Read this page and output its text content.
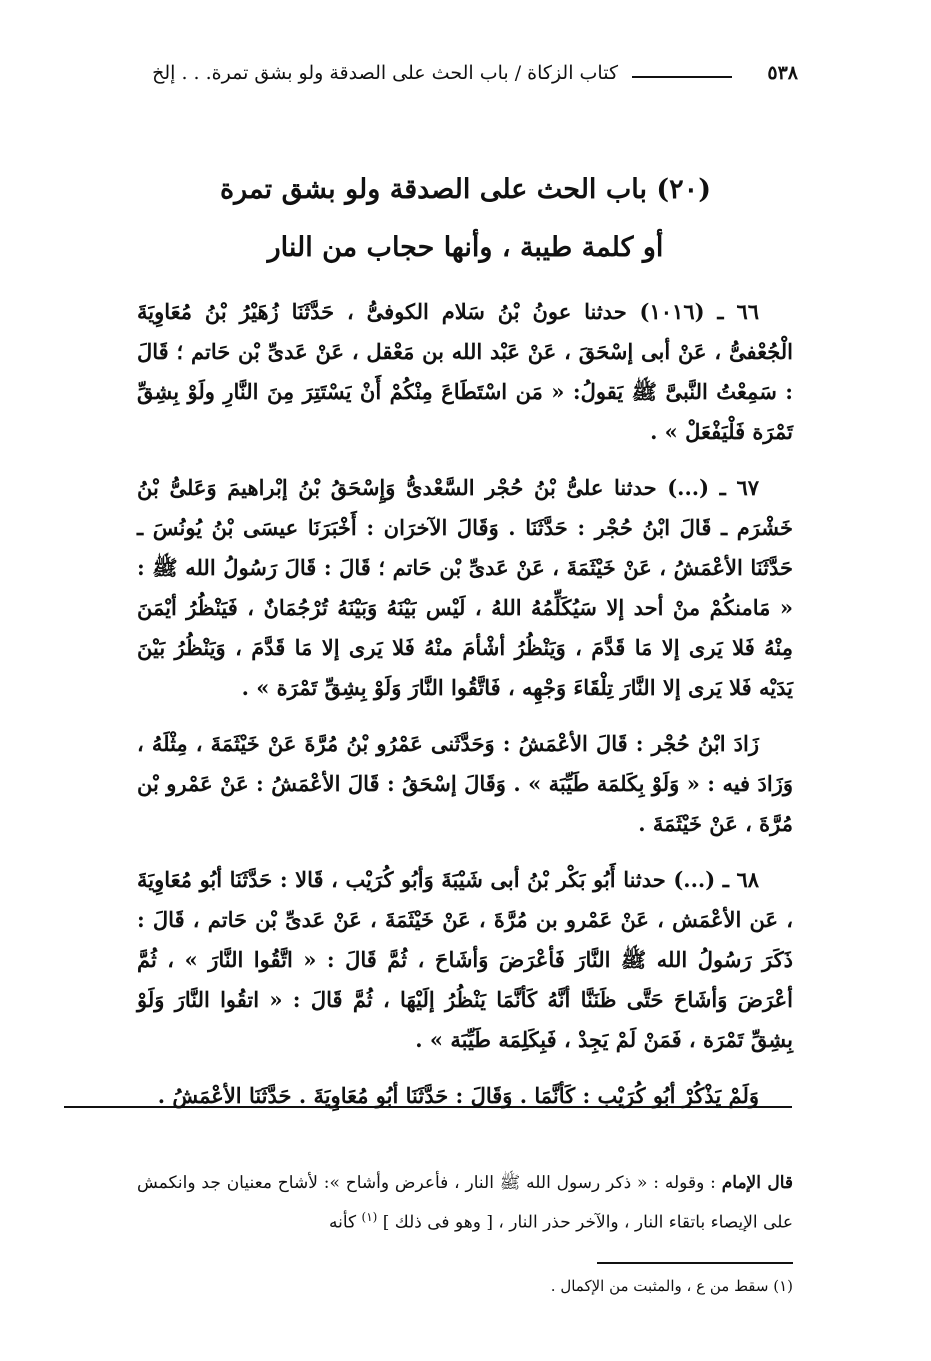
٥٣٨
كتاب الزكاة / باب الحث على الصدقة ولو بشق تمرة. . . إلخ
(٢٠) باب الحث على الصدقة ولو بشق تمرة
أو كلمة طيبة ، وأنها حجاب من النار

٦٦ ـ (١٠١٦) حدثنا عونُ بْنُ سَلام الكوفىُّ ، حَدَّثَنَا زُهَيْرُ بْنُ مُعَاوِيَةَ الْجُعْفىُّ ، عَنْ أبى إسْحَقَ ، عَنْ عَبْد الله بن مَعْقل ، عَنْ عَدىِّ بْن حَاتم ؛ قَالَ : سَمِعْتُ النَّبىَّ ﷺ يَقولُ: « مَن اسْتَطَاعَ مِنْكُمْ أَنْ يَسْتَتِرَ مِنَ النَّارِ ولَوْ بِشِقِّ تَمْرَة فَلْيَفْعَلْ » .

٦٧ ـ (...) حدثنا علىُّ بْنُ حُجْر السَّعْدىُّ وَإِسْحَقُ بْنُ إبْراهيمَ وَعَلىُّ بْنُ خَشْرَم ـ قَالَ ابْنُ حُجْر : حَدَّثَنَا . وَقَالَ الآخرَان : أَخْبَرَنَا عيسَى بْنُ يُونُسَ ـ حَدَّثَنَا الأعْمَشُ ، عَنْ خَيْثَمَةَ ، عَنْ عَدىِّ بْن حَاتم ؛ قَالَ : قَالَ رَسُولُ الله ﷺ : « مَامنكُمْ منْ أحد إلا سَيُكَلِّمُهُ اللهُ ، لَيْس بَيْنَهُ وَبَيْنَهُ تُرْجُمَانٌ ، فَيَنْظُرُ أيْمَنَ مِنْهُ فَلا يَرى إلا مَا قَدَّمَ ، وَيَنْظُرُ أشْأمَ منْهُ فَلا يَرى إلا مَا قَدَّمَ ، وَيَنْظُرُ بَيْنَ يَدَيْه فَلا يَرى إلا النَّارَ تِلْقَاءَ وَجْهِه ، فَاتَّقُوا النَّارَ وَلَوْ بِشِقِّ تَمْرَة » .

زَادَ ابْنُ حُجْر : قَالَ الأعْمَشُ : وَحَدَّثَنى عَمْرُو بْنُ مُرَّةَ عَنْ خَيْثَمَةَ ، مِثْلَهُ ، وَزَادَ فيه : « وَلَوْ بِكَلمَة طَيِّبَة » . وَقَالَ إسْحَقُ : قَالَ الأعْمَشُ : عَنْ عَمْرو بْن مُرَّةَ ، عَنْ خَيْثَمَةَ .

٦٨ ـ (...) حدثنا أَبُو بَكْر بْنُ أبى شَيْبَةَ وَأبُو كُرَيْب ، قَالا : حَدَّثَنَا أبُو مُعَاوِيَةَ ، عَن الأعْمَش ، عَنْ عَمْرو بن مُرَّةَ ، عَنْ خَيْثَمَةَ ، عَنْ عَدىِّ بْن حَاتم ، قَالَ : ذَكَرَ رَسُولُ الله ﷺ النَّارَ فَأعْرَضَ وَأشَاحَ ، ثُمَّ قَالَ : « اتَّقُوا النَّارَ » ، ثُمَّ أعْرَضَ وَأشَاحَ حَتَّى ظَنَنَّا أنَّهُ كَأنَّمَا يَنْظُرُ إلَيْهَا ، ثُمَّ قَالَ : « اتقُوا النَّارَ وَلَوْ بِشِقِّ تَمْرَة ، فَمَنْ لَمْ يَجِدْ ، فَبِكَلِمَة طَيِّبَة » .

وَلَمْ يَذْكُرْ أبُو كُرَيْب : كَأنَّمَا . وَقَالَ : حَدَّثَنَا أبُو مُعَاوِيَةَ . حَدَّثَنَا الأعْمَشُ .

قال الإمام : وقوله : « ذكر رسول الله ﷺ النار ، فأعرض وأشاح »: لأشاح معنيان جد وانكمش على الإيصاء باتقاء النار ، والآخر حذر النار ، [ وهو فى ذلك ] $^{(١)}$ كأنه
(١) سقط من ع ، والمثبت من الإكمال .
